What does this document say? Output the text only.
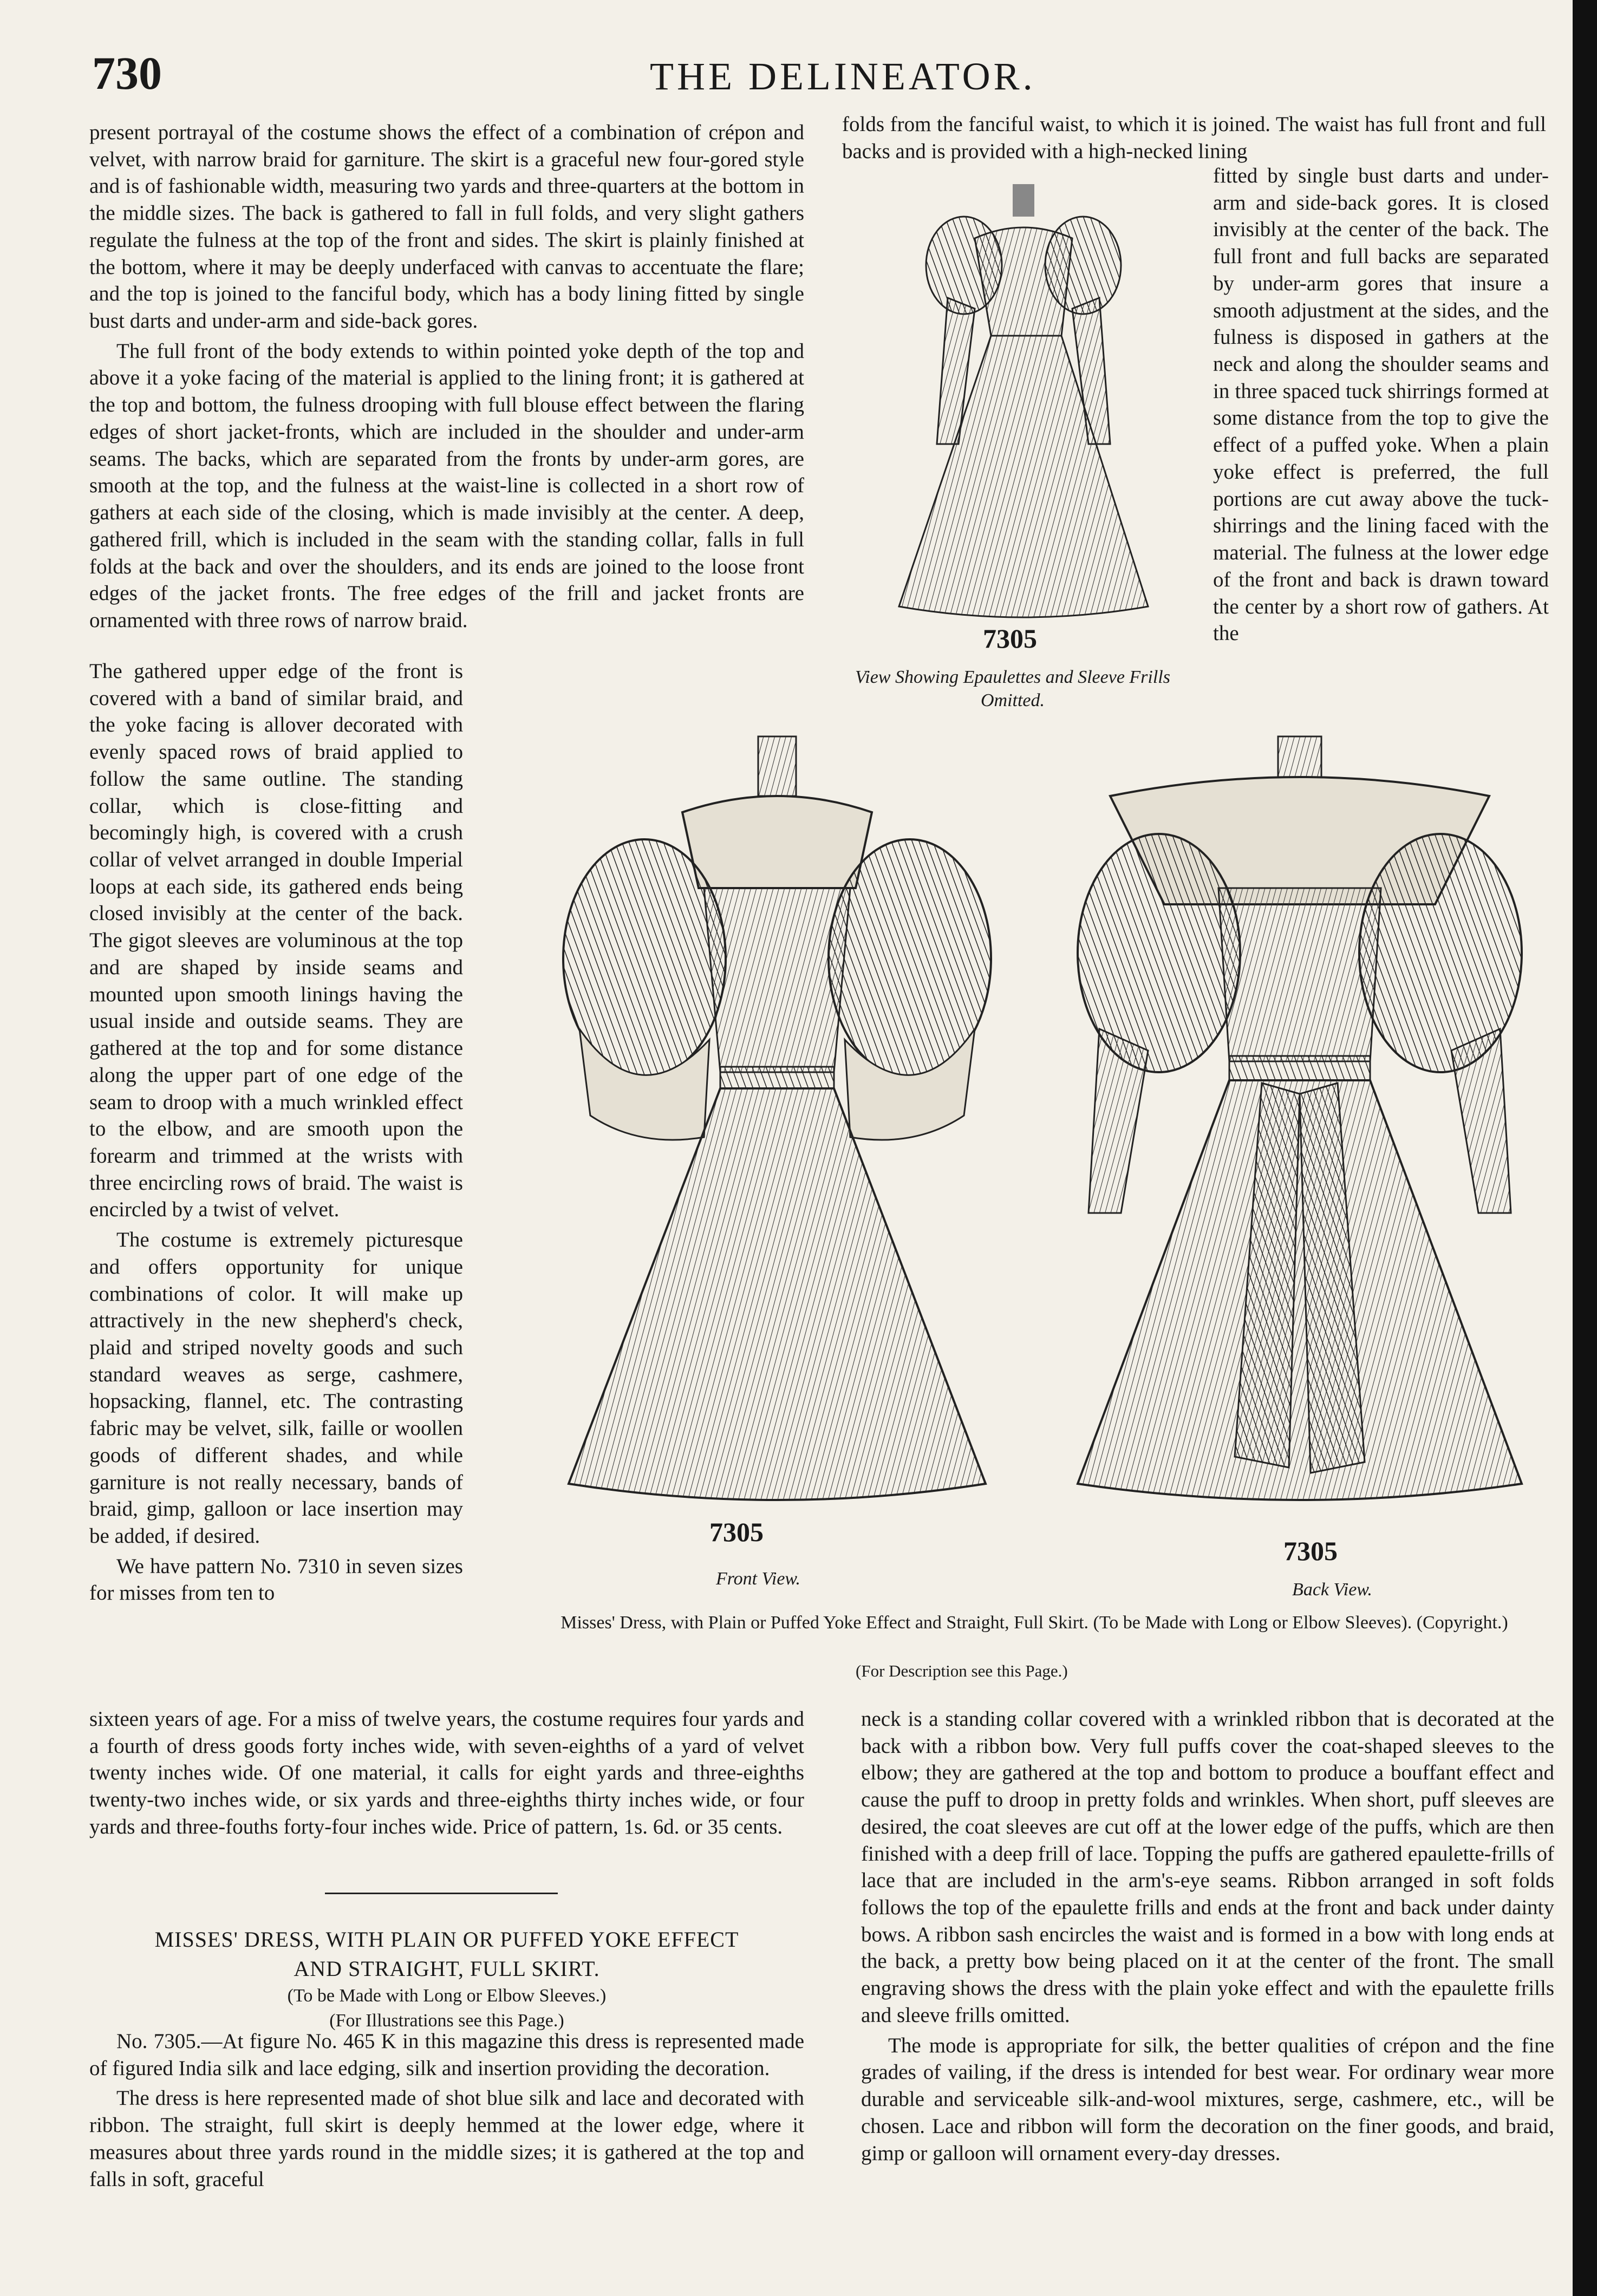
730	THE DELINEATOR.

present portrayal of the costume shows the effect of a combination of crépon and velvet, with narrow braid for garniture. The skirt is a graceful new four-gored style and is of fashionable width, measuring two yards and three-quarters at the bottom in the middle sizes. The back is gathered to fall in full folds, and very slight gathers regulate the fulness at the top of the front and sides. The skirt is plainly finished at the bottom, where it may be deeply underfaced with canvas to accentuate the flare; and the top is joined to the fanciful body, which has a body lining fitted by single bust darts and under-arm and side-back gores.

The full front of the body extends to within pointed yoke depth of the top and above it a yoke facing of the material is applied to the lining front; it is gathered at the top and bottom, the fulness drooping with full blouse effect between the flaring edges of short jacket-fronts, which are included in the shoulder and under-arm seams. The backs, which are separated from the fronts by under-arm gores, are smooth at the top, and the fulness at the waist-line is collected in a short row of gathers at each side of the closing, which is made invisibly at the center. A deep, gathered frill, which is included in the seam with the standing collar, falls in full folds at the back and over the shoulders, and its ends are joined to the loose front edges of the jacket fronts. The free edges of the frill and jacket fronts are ornamented with three rows of narrow braid.

The gathered upper edge of the front is covered with a band of similar braid, and the yoke facing is allover decorated with evenly spaced rows of braid applied to follow the same outline. The standing collar, which is close-fitting and becomingly high, is covered with a crush collar of velvet arranged in double Imperial loops at each side, its gathered ends being closed invisibly at the center of the back. The gigot sleeves are voluminous at the top and are shaped by inside seams and mounted upon smooth linings having the usual inside and outside seams. They are gathered at the top and for some distance along the upper part of one edge of the seam to droop with a much wrinkled effect to the elbow, and are smooth upon the forearm and trimmed at the wrists with three encircling rows of braid. The waist is encircled by a twist of velvet.

The costume is extremely picturesque and offers opportunity for unique combinations of color. It will make up attractively in the new shepherd's check, plaid and striped novelty goods and such standard weaves as serge, cashmere, hopsacking, flannel, etc. The contrasting fabric may be velvet, silk, faille or woollen goods of different shades, and while garniture is not really necessary, bands of braid, gimp, galloon or lace insertion may be added, if desired.

We have pattern No. 7310 in seven sizes for misses from ten to

sixteen years of age. For a miss of twelve years, the costume requires four yards and a fourth of dress goods forty inches wide, with seven-eighths of a yard of velvet twenty inches wide. Of one material, it calls for eight yards and three-eighths twenty-two inches wide, or six yards and three-eighths thirty inches wide, or four yards and three-fouths forty-four inches wide. Price of pattern, 1s. 6d. or 35 cents.

MISSES' DRESS, WITH PLAIN OR PUFFED YOKE EFFECT
AND STRAIGHT, FULL SKIRT.
(To be Made with Long or Elbow Sleeves.)
(For Illustrations see this Page.)

No. 7305.—At figure No. 465 K in this magazine this dress is represented made of figured India silk and lace edging, silk and insertion providing the decoration.

The dress is here represented made of shot blue silk and lace and decorated with ribbon. The straight, full skirt is deeply hemmed at the lower edge, where it measures about three yards round in the middle sizes; it is gathered at the top and falls in soft, graceful

folds from the fanciful waist, to which it is joined. The waist has full front and full backs and is provided with a high-necked lining

fitted by single bust darts and under-arm and side-back gores. It is closed invisibly at the center of the back. The full front and full backs are separated by under-arm gores that insure a smooth adjustment at the sides, and the fulness is disposed in gathers at the neck and along the shoulder seams and in three spaced tuck shirrings formed at some distance from the top to give the effect of a puffed yoke. When a plain yoke effect is preferred, the full portions are cut away above the tuck-shirrings and the lining faced with the material. The fulness at the lower edge of the front and back is drawn toward the center by a short row of gathers. At the

7305
View Showing Epaulettes and Sleeve Frills Omitted.
7305
Front View.
7305
Back View.
Misses' Dress, with Plain or Puffed Yoke Effect and Straight, Full Skirt. (To be Made with Long or Elbow Sleeves). (Copyright.)
(For Description see this Page.)

neck is a standing collar covered with a wrinkled ribbon that is decorated at the back with a ribbon bow. Very full puffs cover the coat-shaped sleeves to the elbow; they are gathered at the top and bottom to produce a bouffant effect and cause the puff to droop in pretty folds and wrinkles. When short, puff sleeves are desired, the coat sleeves are cut off at the lower edge of the puffs, which are then finished with a deep frill of lace. Topping the puffs are gathered epaulette-frills of lace that are included in the arm's-eye seams. Ribbon arranged in soft folds follows the top of the epaulette frills and ends at the front and back under dainty bows. A ribbon sash encircles the waist and is formed in a bow with long ends at the back, a pretty bow being placed on it at the center of the front. The small engraving shows the dress with the plain yoke effect and with the epaulette frills and sleeve frills omitted.

The mode is appropriate for silk, the better qualities of crépon and the fine grades of vailing, if the dress is intended for best wear. For ordinary wear more durable and serviceable silk-and-wool mixtures, serge, cashmere, etc., will be chosen. Lace and ribbon will form the decoration on the finer goods, and braid, gimp or galloon will ornament every-day dresses.
